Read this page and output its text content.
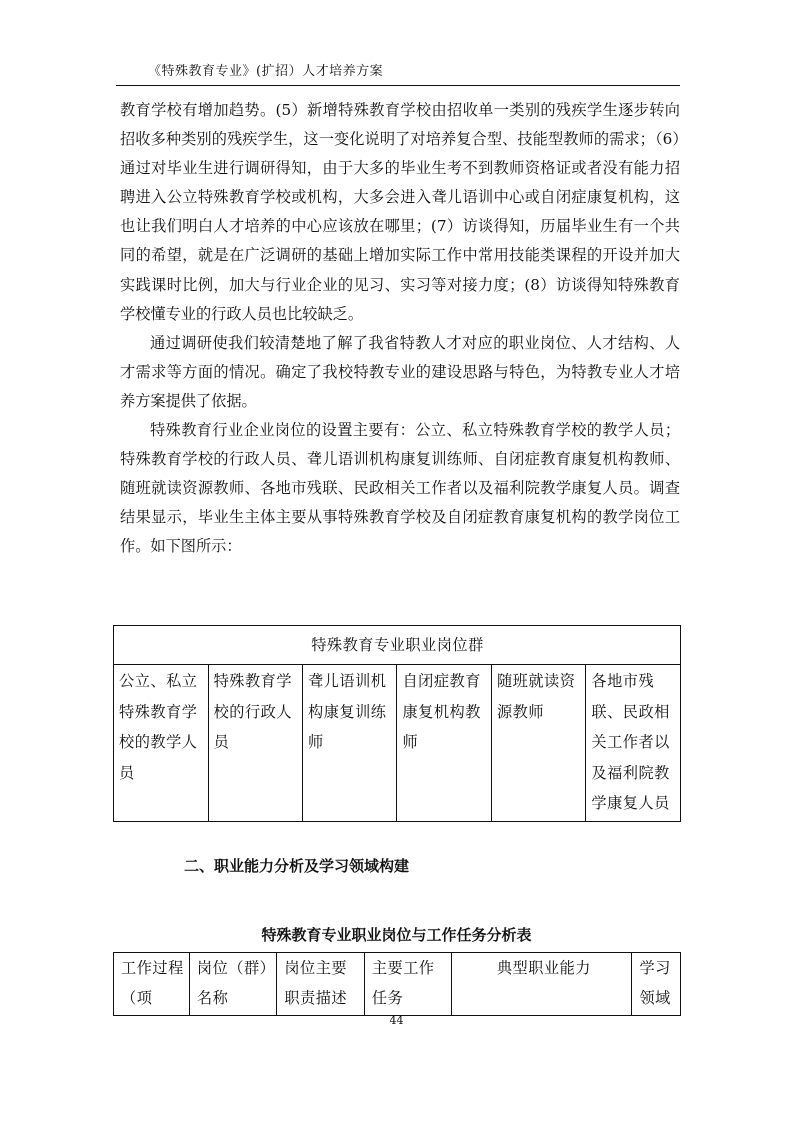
《特殊教育专业》(扩招）人才培养方案

教育学校有增加趋势。(5）新增特殊教育学校由招收单一类别的残疾学生逐步转向招收多种类别的残疾学生，这一变化说明了对培养复合型、技能型教师的需求；（6）通过对毕业生进行调研得知，由于大多的毕业生考不到教师资格证或者没有能力招聘进入公立特殊教育学校或机构，大多会进入聋儿语训中心或自闭症康复机构，这也让我们明白人才培养的中心应该放在哪里；(7）访谈得知，历届毕业生有一个共同的希望，就是在广泛调研的基础上增加实际工作中常用技能类课程的开设并加大实践课时比例，加大与行业企业的见习、实习等对接力度；(8）访谈得知特殊教育学校懂专业的行政人员也比较缺乏。

通过调研使我们较清楚地了解了我省特教人才对应的职业岗位、人才结构、人才需求等方面的情况。确定了我校特教专业的建设思路与特色，为特教专业人才培养方案提供了依据。

特殊教育行业企业岗位的设置主要有：公立、私立特殊教育学校的教学人员；特殊教育学校的行政人员、聋儿语训机构康复训练师、自闭症教育康复机构教师、随班就读资源教师、各地市残联、民政相关工作者以及福利院教学康复人员。调查结果显示，毕业生主体主要从事特殊教育学校及自闭症教育康复机构的教学岗位工作。如下图所示：

特殊教育专业职业岗位群
公立、私立特殊教育学校的教学人员	特殊教育学校的行政人员	聋儿语训机构康复训练师	自闭症教育康复机构教师	随班就读资源教师	各地市残联、民政相关工作者以及福利院教学康复人员
二、职业能力分析及学习领域构建
特殊教育专业职业岗位与工作任务分析表
工作过程（项	岗位（群）名称	岗位主要职责描述	主要工作任务	典型职业能力	学习领域
44
